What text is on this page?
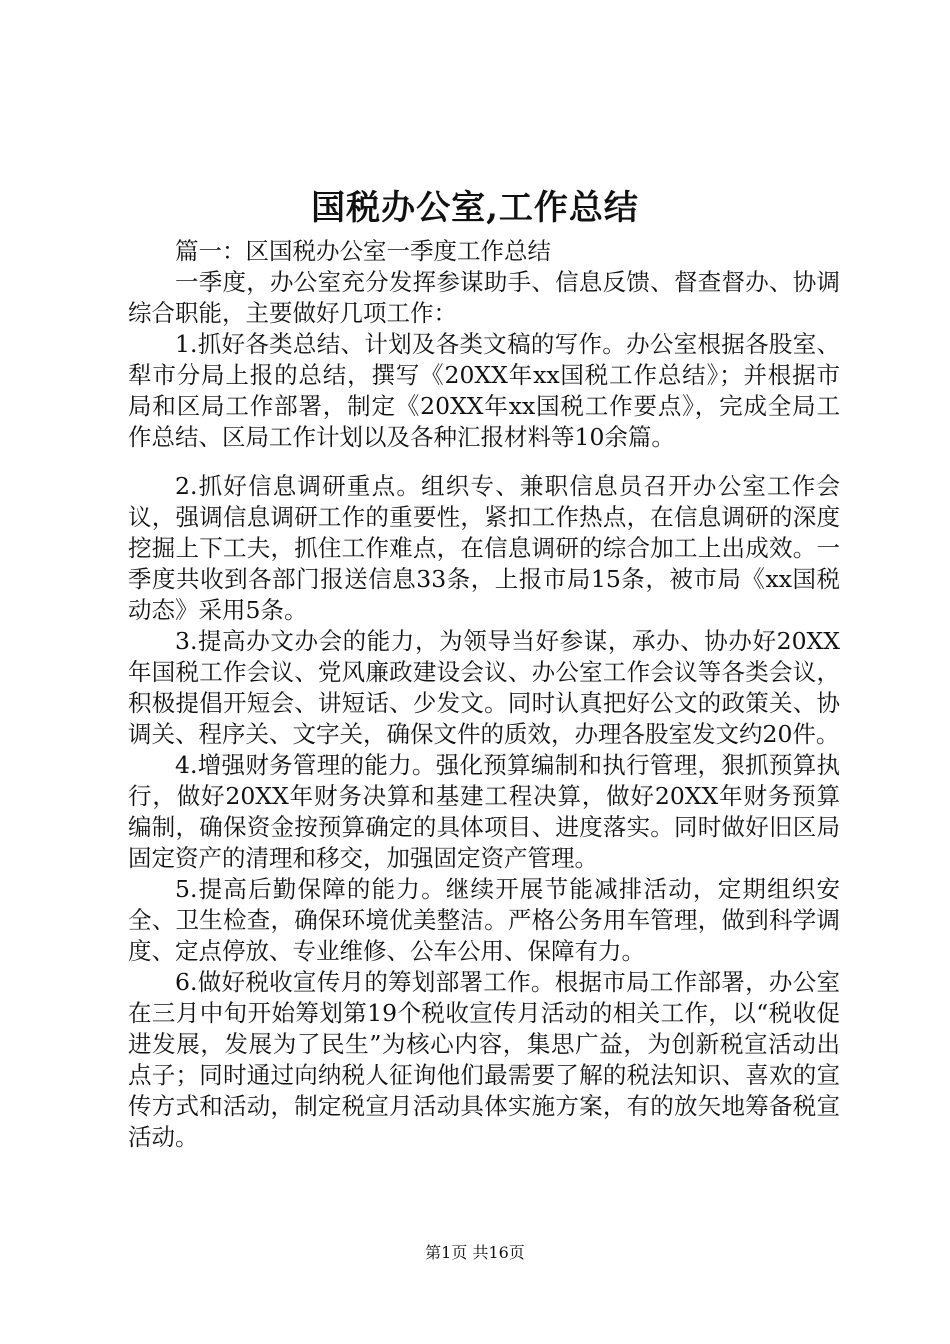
国税办公室,工作总结

篇一：区国税办公室一季度工作总结

一季度，办公室充分发挥参谋助手、信息反馈、督查督办、协调综合职能，主要做好几项工作：

1.抓好各类总结、计划及各类文稿的写作。办公室根据各股室、犁市分局上报的总结，撰写《20XX年xx国税工作总结》；并根据市局和区局工作部署，制定《20XX年xx国税工作要点》，完成全局工作总结、区局工作计划以及各种汇报材料等10余篇。

2.抓好信息调研重点。组织专、兼职信息员召开办公室工作会议，强调信息调研工作的重要性，紧扣工作热点，在信息调研的深度挖掘上下工夫，抓住工作难点，在信息调研的综合加工上出成效。一季度共收到各部门报送信息33条，上报市局15条，被市局《xx国税动态》采用5条。

3.提高办文办会的能力，为领导当好参谋，承办、协办好20XX年国税工作会议、党风廉政建设会议、办公室工作会议等各类会议，积极提倡开短会、讲短话、少发文。同时认真把好公文的政策关、协调关、程序关、文字关，确保文件的质效，办理各股室发文约20件。

4.增强财务管理的能力。强化预算编制和执行管理，狠抓预算执行，做好20XX年财务决算和基建工程决算，做好20XX年财务预算编制，确保资金按预算确定的具体项目、进度落实。同时做好旧区局固定资产的清理和移交，加强固定资产管理。

5.提高后勤保障的能力。继续开展节能减排活动，定期组织安全、卫生检查，确保环境优美整洁。严格公务用车管理，做到科学调度、定点停放、专业维修、公车公用、保障有力。

6.做好税收宣传月的筹划部署工作。根据市局工作部署，办公室在三月中旬开始筹划第19个税收宣传月活动的相关工作，以“税收促进发展，发展为了民生”为核心内容，集思广益，为创新税宣活动出点子；同时通过向纳税人征询他们最需要了解的税法知识、喜欢的宣传方式和活动，制定税宣月活动具体实施方案，有的放矢地筹备税宣活动。

第1页 共16页
